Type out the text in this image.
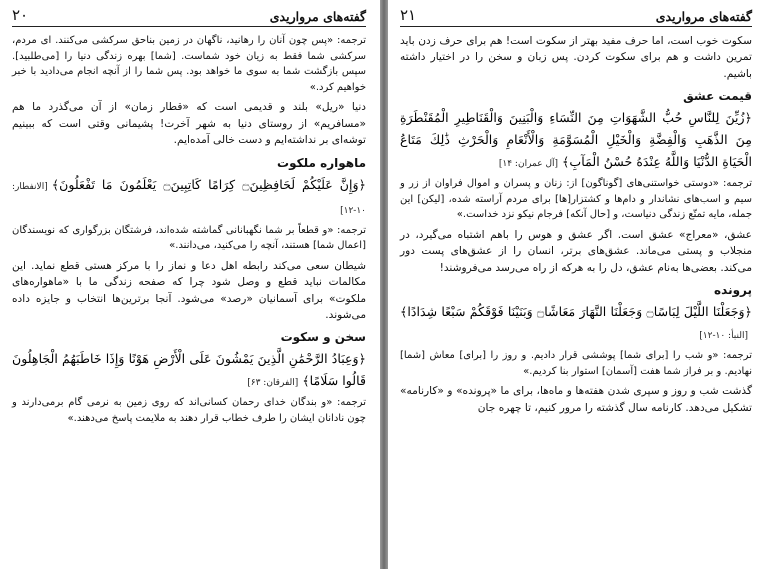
گفته‌های مرواریدی
۲۱

سکوت خوب است، اما حرف مفید بهتر از سکوت است! هم برای حرف زدن باید تمرین داشت و هم برای سکوت کردن. پس زبان و سخن را در اختیار داشته باشیم.

قیمت عشق
﴿زُيِّنَ لِلنَّاسِ حُبُّ الشَّهَوَاتِ مِنَ النِّسَاءِ وَالْبَنِينَ وَالْقَنَاطِيرِ الْمُقَنْطَرَةِ مِنَ الذَّهَبِ وَالْفِضَّةِ وَالْخَيْلِ الْمُسَوَّمَةِ وَالْأَنْعَامِ وَالْحَرْثِ ذَٰلِكَ مَتَاعُ الْحَيَاةِ الدُّنْيَا وَاللَّهُ عِنْدَهُ حُسْنُ الْمَآبِ﴾[آل عمران: ۱۴]

ترجمه: «دوستی خواستنی‌های [گوناگون] از: زنان و پسران و اموال فراوان از زر و سیم و اسب‌های نشاندار و دام‌ها و کشتزار[ها] برای مردم آراسته شده، [لیکن] این جمله، مایه تمتّع زندگی دنیاست، و [حال آنکه] فرجام نیکو نزد خداست.»

عشق، «معراج» عشق است. اگر عشق و هوس را باهم اشتباه می‌گیرد، در منجلاب و پستی می‌ماند. عشق‌های برتر، انسان را از عشق‌های پست دور می‌کند. بعضی‌ها به‌نام عشق، دل را به هرکه از راه می‌رسد می‌فروشند!

پرونده
﴿وَجَعَلْنَا اللَّيْلَ لِبَاسًا۝ وَجَعَلْنَا النَّهَارَ مَعَاشًا۝ وَبَنَيْنَا فَوْقَكُمْ سَبْعًا شِدَادًا﴾[النبأ: ۱۰-۱۲]

ترجمه: «و شب را [برای شما] پوششی قرار دادیم. و روز را [برای] معاش [شما] نهادیم. و بر فراز شما هفت [آسمان] استوار بنا کردیم.»

گذشت شب و روز و سپری شدن هفته‌ها و ماه‌ها، برای ما «پرونده» و «کارنامه» تشکیل می‌دهد. کارنامه سال گذشته را مرور کنیم، تا چهره جان

گفته‌های مرواریدی
۲۰

ترجمه: «پس چون آنان را رهانید، ناگهان در زمین بناحق سرکشی می‌کنند. ای مردم، سرکشی شما فقط به زیان خود شماست. [شما] بهره زندگی دنیا را [می‌طلبید]. سپس بازگشت شما به سوی ما خواهد بود. پس شما را از آنچه انجام می‌دادید با خبر خواهیم کرد.»

دنیا «ریل» بلند و قدیمی است که «قطار زمان» از آن می‌گذرد ما هم «مسافریم» از روستای دنیا به شهر آخرت! پشیمانی وقتی است که ببینیم توشه‌ای بر نداشته‌ایم و دست خالی آمده‌ایم.

ماهواره ملکوت
﴿وَإِنَّ عَلَيْكُمْ لَحَافِظِينَ۝ كِرَامًا كَاتِبِينَ۝ يَعْلَمُونَ مَا تَفْعَلُونَ﴾[الانفطار: ۱۰-۱۲]

ترجمه: «و قطعاً بر شما نگهبانانی گماشته شده‌اند، فرشتگان بزرگواری که نویسندگان [اعمال شما] هستند، آنچه را می‌کنید، می‌دانند.»

شیطان سعی می‌کند رابطه اهل دعا و نماز را با مرکز هستی قطع نماید. این مکالمات نباید قطع و وصل شود چرا که صفحه زندگی ما با «ماهواره‌های ملکوت» برای آسمانیان «رصد» می‌شود. آنجا برترین‌ها انتخاب و جایزه داده می‌شوند.

سخن و سکوت
﴿وَعِبَادُ الرَّحْمَٰنِ الَّذِينَ يَمْشُونَ عَلَى الْأَرْضِ هَوْنًا وَإِذَا خَاطَبَهُمُ الْجَاهِلُونَ قَالُوا سَلَامًا﴾[الفرقان: ۶۳]

ترجمه: «و بندگان خدای رحمان کسانی‌اند که روی زمین به نرمی گام برمی‌دارند و چون نادانان ایشان را طرف خطاب قرار دهند به ملایمت پاسخ می‌دهند.»
